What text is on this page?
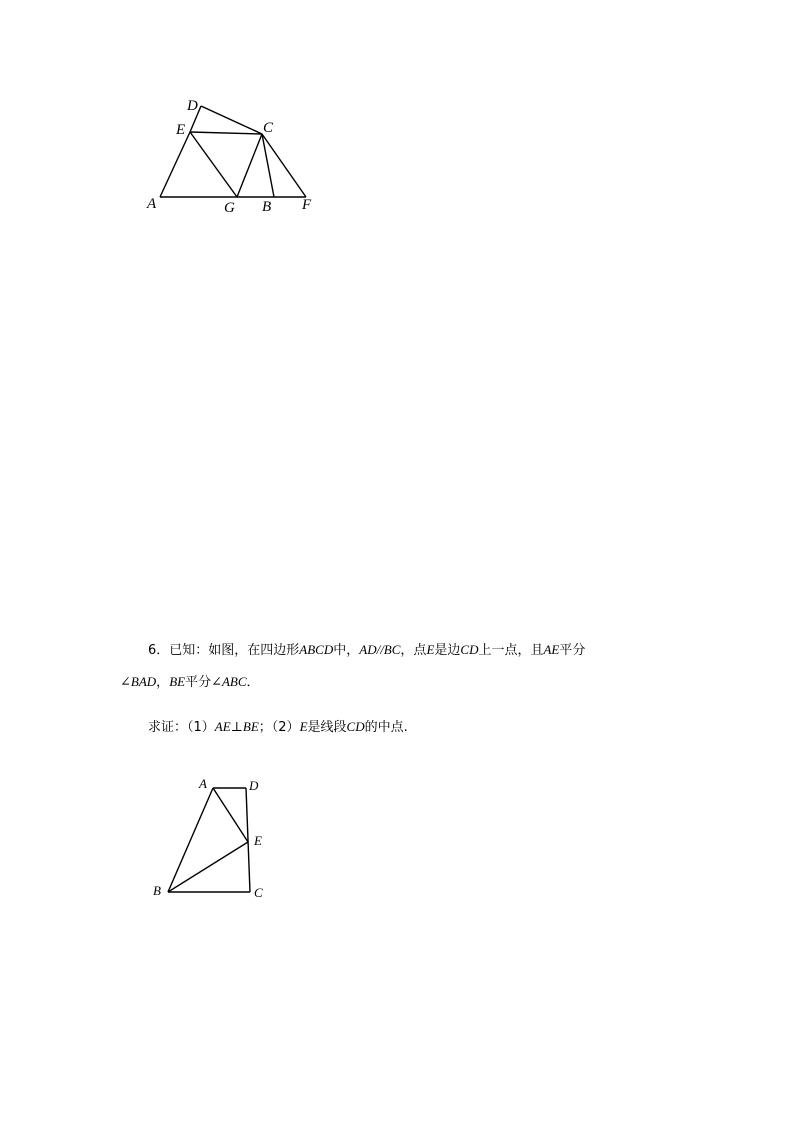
D
E	C
A	G B F
6．已知：如图，在四边形ABCD中，AD//BC，点E是边CD上一点，且AE平分
∠BAD，BE平分∠ABC．
求证：（1）AE⊥BE；（2）E是线段CD的中点.
A	D
E
B	C
